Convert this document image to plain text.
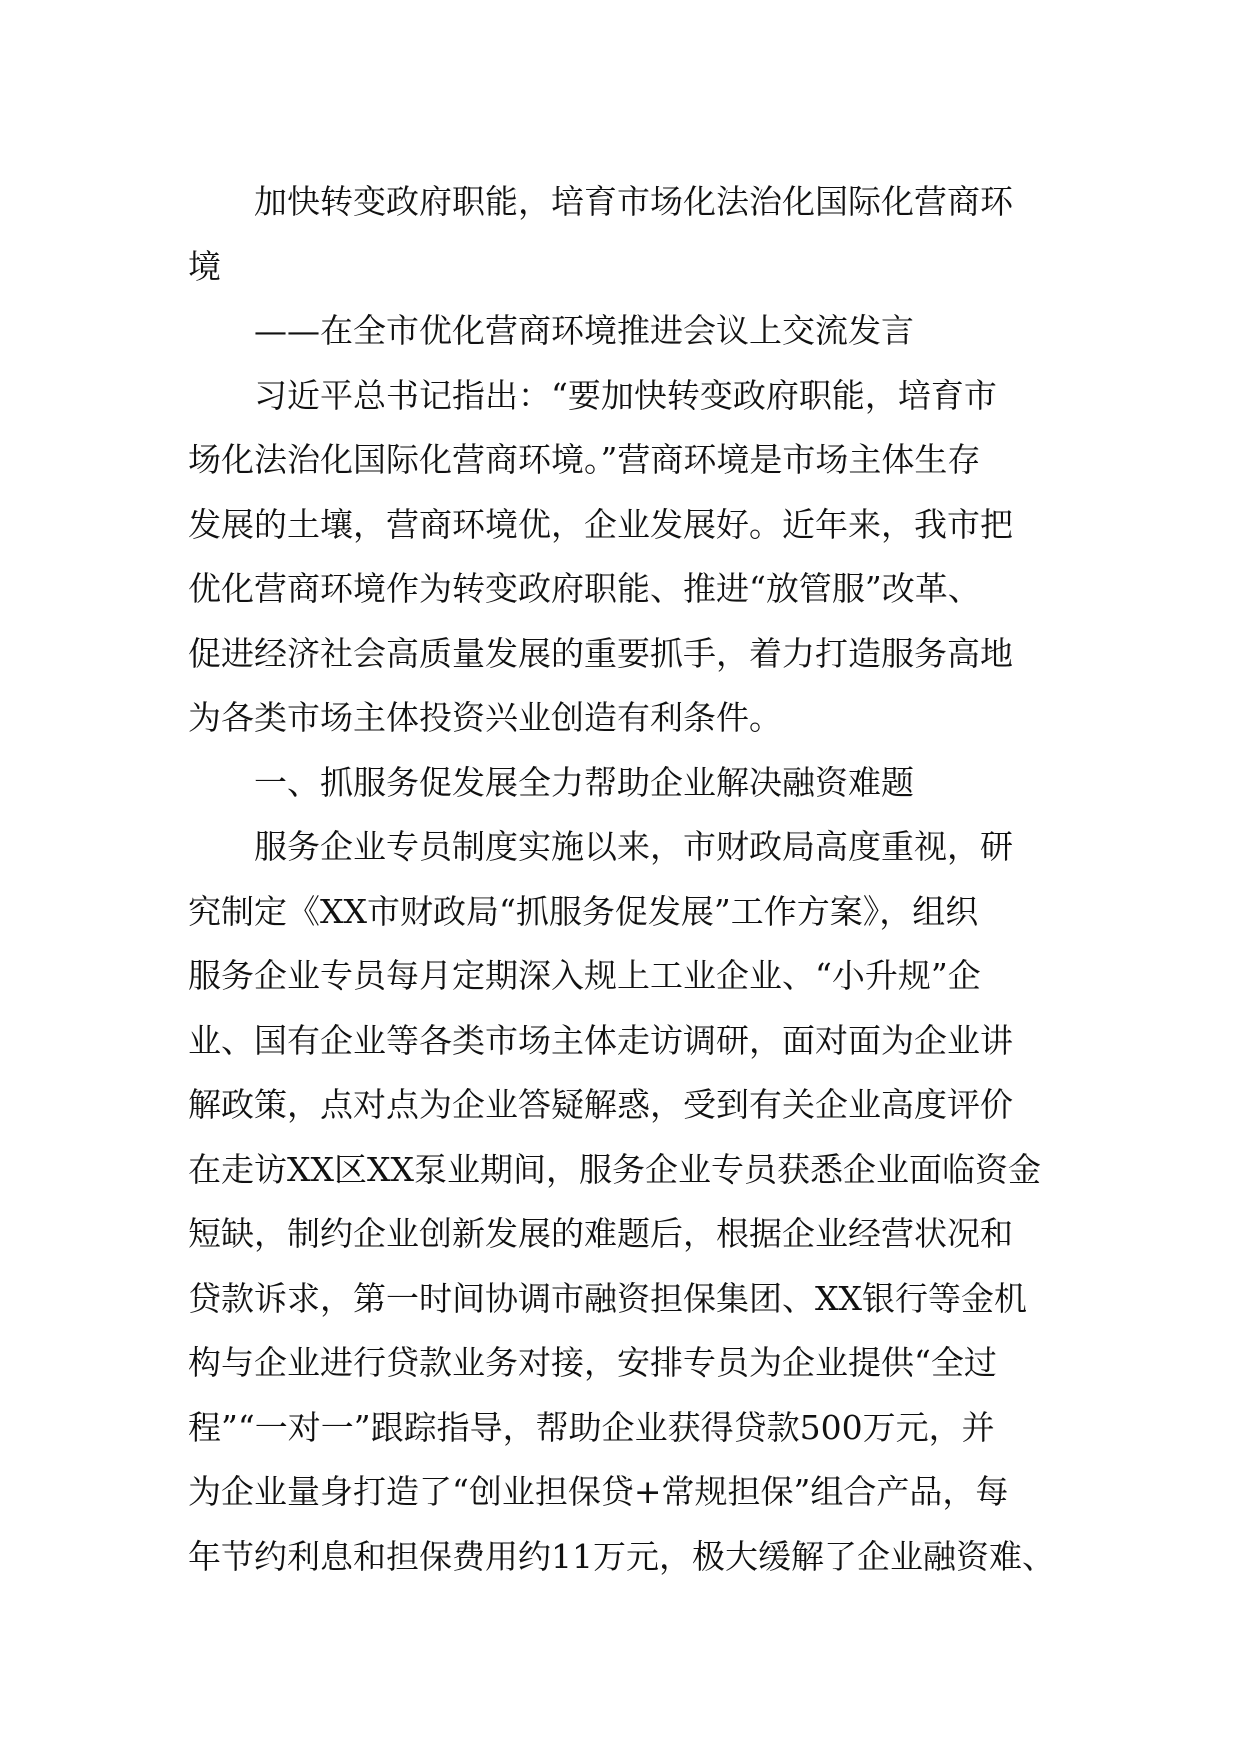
加快转变政府职能，培育市场化法治化国际化营商环
境
——在全市优化营商环境推进会议上交流发言
习近平总书记指出：“要加快转变政府职能，培育市
场化法治化国际化营商环境。”营商环境是市场主体生存
发展的土壤，营商环境优，企业发展好。近年来，我市把
优化营商环境作为转变政府职能、推进“放管服”改革、
促进经济社会高质量发展的重要抓手，着力打造服务高地
为各类市场主体投资兴业创造有利条件。
一、抓服务促发展全力帮助企业解决融资难题
服务企业专员制度实施以来，市财政局高度重视，研
究制定《XX市财政局“抓服务促发展”工作方案》，组织
服务企业专员每月定期深入规上工业企业、“小升规”企
业、国有企业等各类市场主体走访调研，面对面为企业讲
解政策，点对点为企业答疑解惑，受到有关企业高度评价
在走访XX区XX泵业期间，服务企业专员获悉企业面临资金
短缺，制约企业创新发展的难题后，根据企业经营状况和
贷款诉求，第一时间协调市融资担保集团、XX银行等金机
构与企业进行贷款业务对接，安排专员为企业提供“全过
程”“一对一”跟踪指导，帮助企业获得贷款500万元，并
为企业量身打造了“创业担保贷+常规担保”组合产品，每
年节约利息和担保费用约11万元，极大缓解了企业融资难、
